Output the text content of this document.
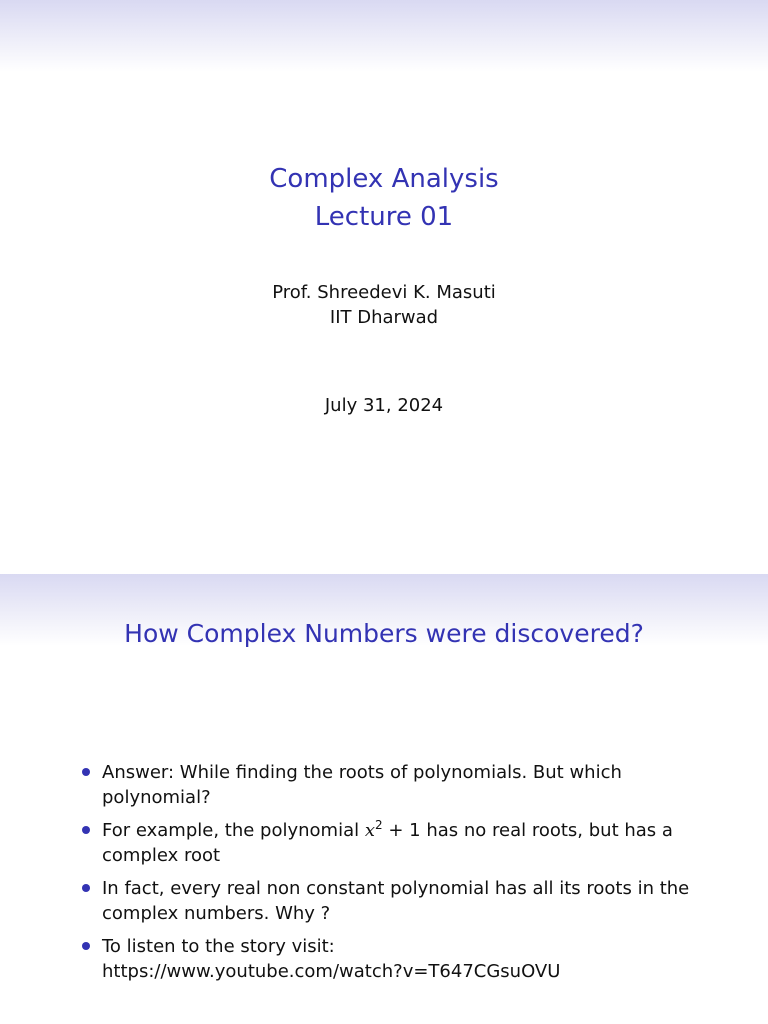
Complex Analysis
Lecture 01
Prof. Shreedevi K. Masuti
IIT Dharwad
July 31, 2024
How Complex Numbers were discovered?
Answer: While finding the roots of polynomials. But which
polynomial?
For example, the polynomial $x^2 + 1$ has no real roots, but has a
complex root
In fact, every real non constant polynomial has all its roots in the
complex numbers. Why ?
To listen to the story visit:
https://www.youtube.com/watch?v=T647CGsuOVU
